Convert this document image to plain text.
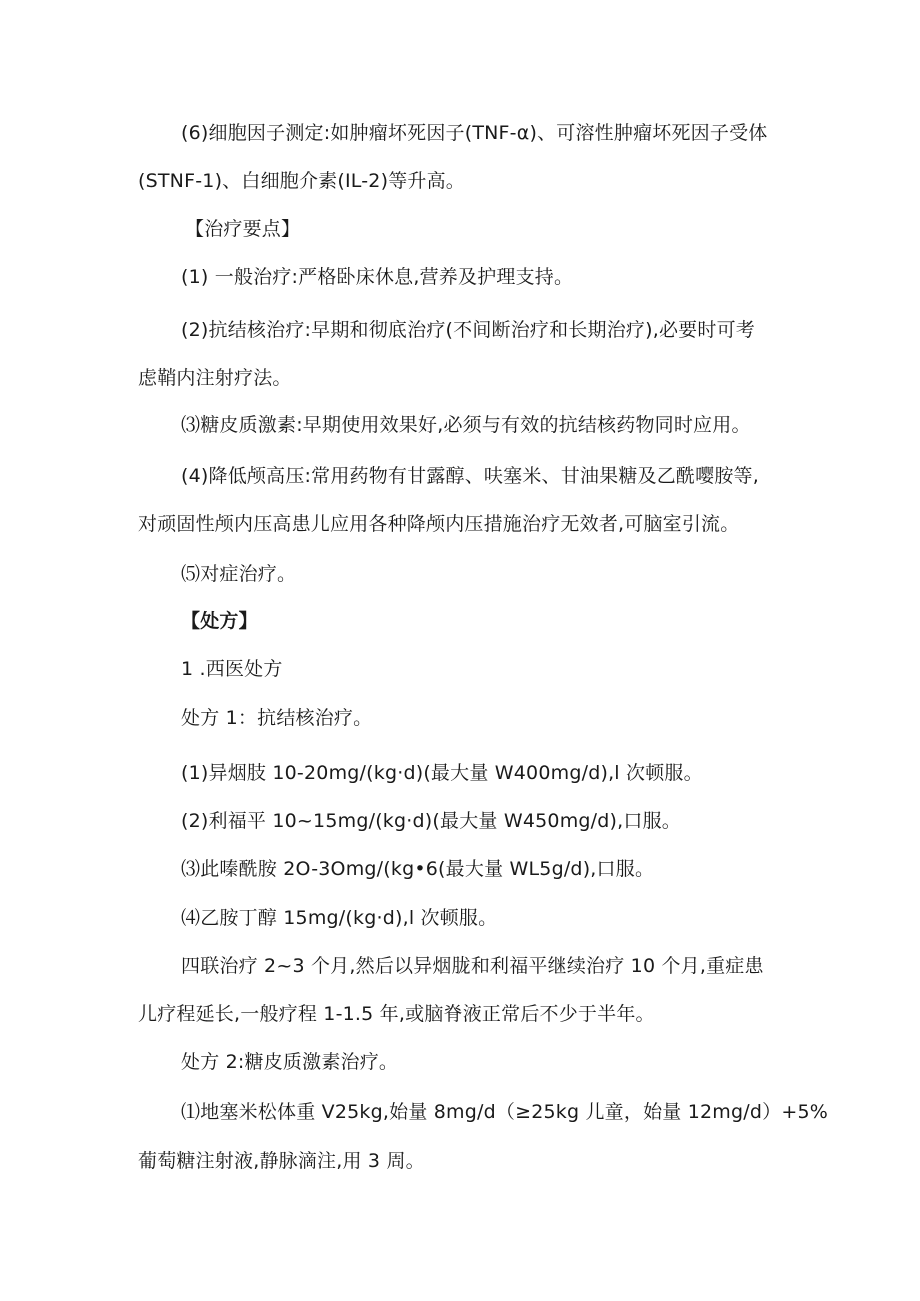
(6)细胞因子测定:如肿瘤坏死因子(TNF-α)、可溶性肿瘤坏死因子受体
(STNF-1)、白细胞介素(IL-2)等升高。
【治疗要点】
(1) 一般治疗:严格卧床休息,营养及护理支持。
(2)抗结核治疗:早期和彻底治疗(不间断治疗和长期治疗),必要时可考
虑鞘内注射疗法。
⑶糖皮质激素:早期使用效果好,必须与有效的抗结核药物同时应用。
(4)降低颅高压:常用药物有甘露醇、呋塞米、甘油果糖及乙酰嘤胺等,
对顽固性颅内压高患儿应用各种降颅内压措施治疗无效者,可脑室引流。
⑸对症治疗。
【处方】
1 .西医处方
处方 1：抗结核治疗。
(1)异烟肢 10-20mg∕(kg·d)(最大量 W400mg∕d),l 次顿服。
(2)利福平 10~15mg∕(kg·d)(最大量 W450mg∕d),口服。
⑶此嗪酰胺 2O-3Omg∕(kg•6(最大量 WL5g∕d),口服。
⑷乙胺丁醇 15mg∕(kg·d),l 次顿服。
四联治疗 2~3 个月,然后以异烟胧和利福平继续治疗 10 个月,重症患
儿疗程延长,一般疗程 1-1.5 年,或脑脊液正常后不少于半年。
处方 2:糖皮质激素治疗。
⑴地塞米松体重 V25kg,始量 8mg∕d（≥25kg 儿童，始量 12mg∕d）+5%
葡萄糖注射液,静脉滴注,用 3 周。
